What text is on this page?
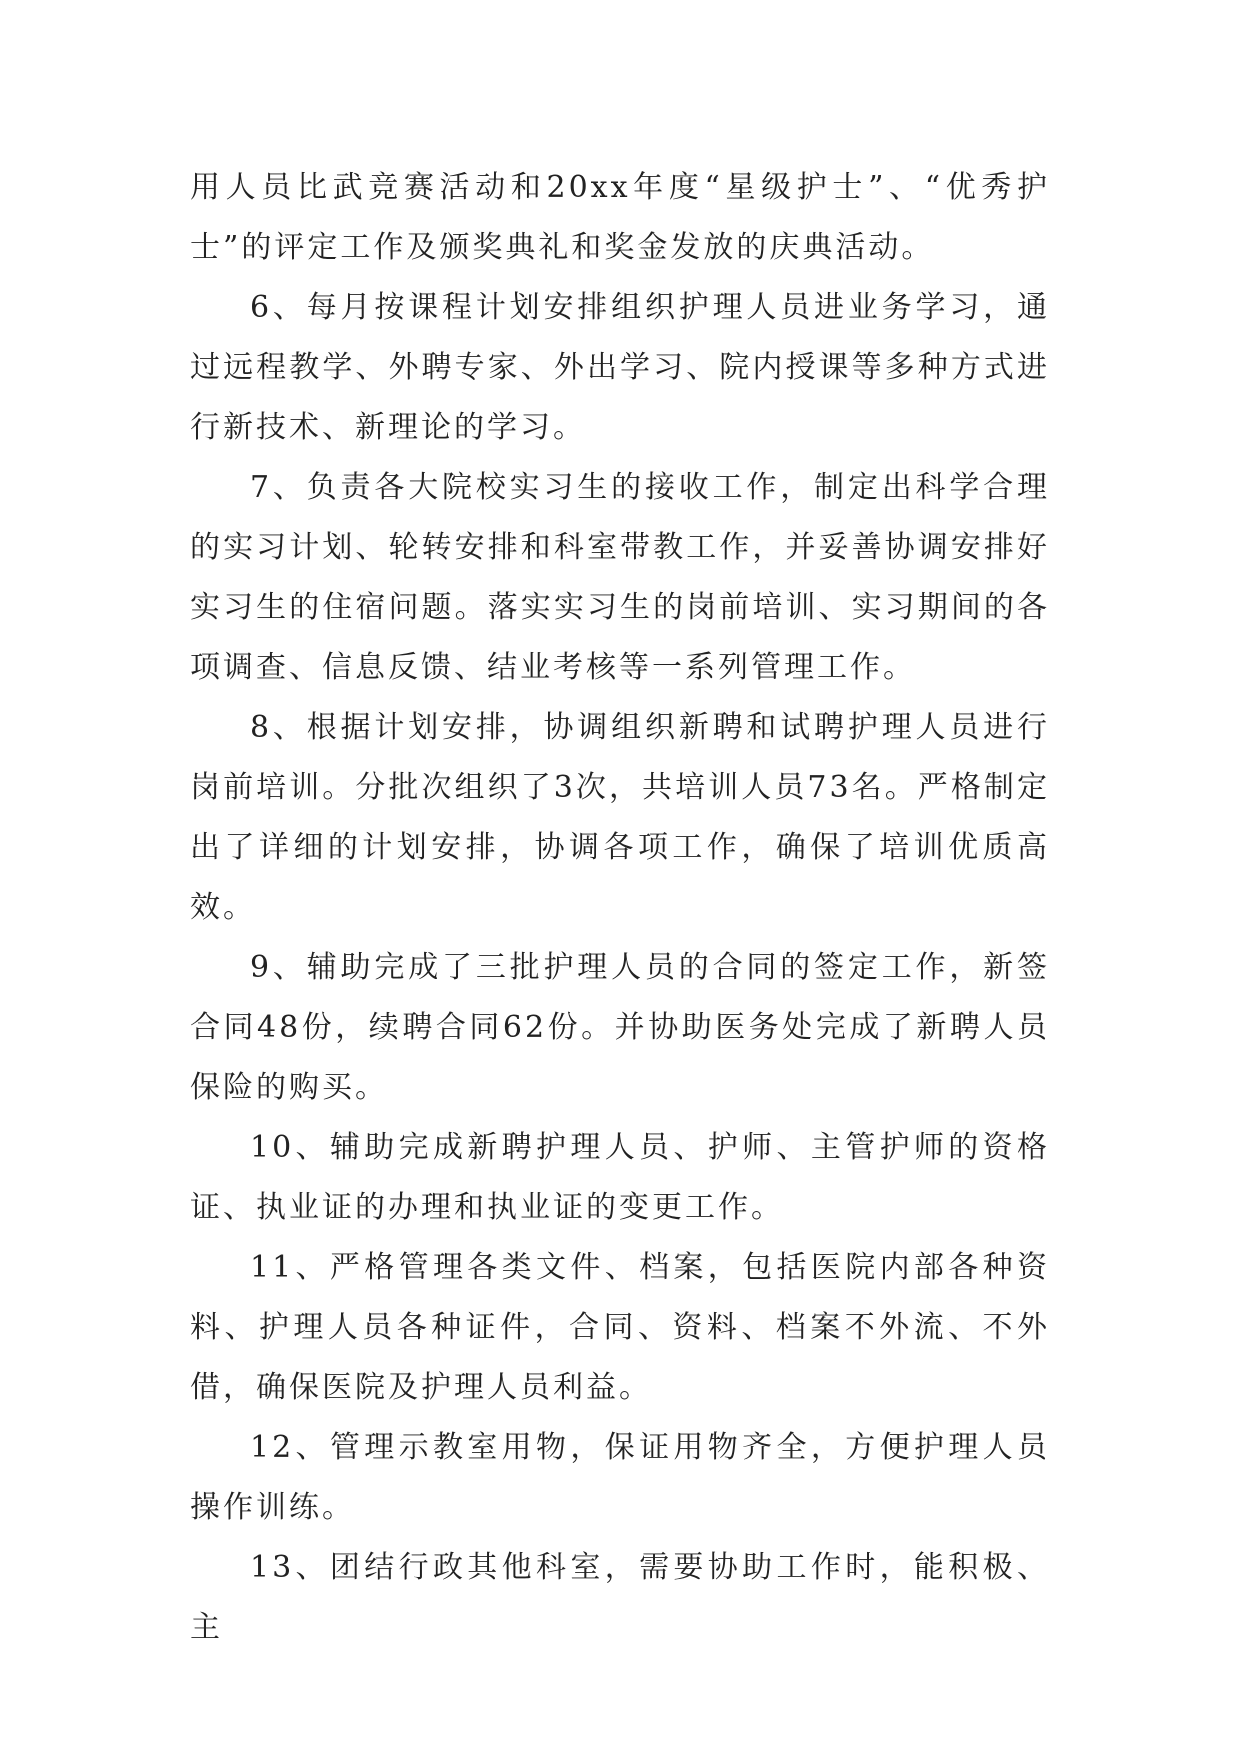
用人员比武竞赛活动和20xx年度“星级护士”、“优秀护士”的评定工作及颁奖典礼和奖金发放的庆典活动。

6、每月按课程计划安排组织护理人员进业务学习，通过远程教学、外聘专家、外出学习、院内授课等多种方式进行新技术、新理论的学习。

7、负责各大院校实习生的接收工作，制定出科学合理的实习计划、轮转安排和科室带教工作，并妥善协调安排好实习生的住宿问题。落实实习生的岗前培训、实习期间的各项调查、信息反馈、结业考核等一系列管理工作。

8、根据计划安排，协调组织新聘和试聘护理人员进行岗前培训。分批次组织了3次，共培训人员73名。严格制定出了详细的计划安排，协调各项工作，确保了培训优质高效。

9、辅助完成了三批护理人员的合同的签定工作，新签合同48份，续聘合同62份。并协助医务处完成了新聘人员保险的购买。

10、辅助完成新聘护理人员、护师、主管护师的资格证、执业证的办理和执业证的变更工作。

11、严格管理各类文件、档案，包括医院内部各种资料、护理人员各种证件，合同、资料、档案不外流、不外借，确保医院及护理人员利益。

12、管理示教室用物，保证用物齐全，方便护理人员操作训练。

13、团结行政其他科室，需要协助工作时，能积极、主
